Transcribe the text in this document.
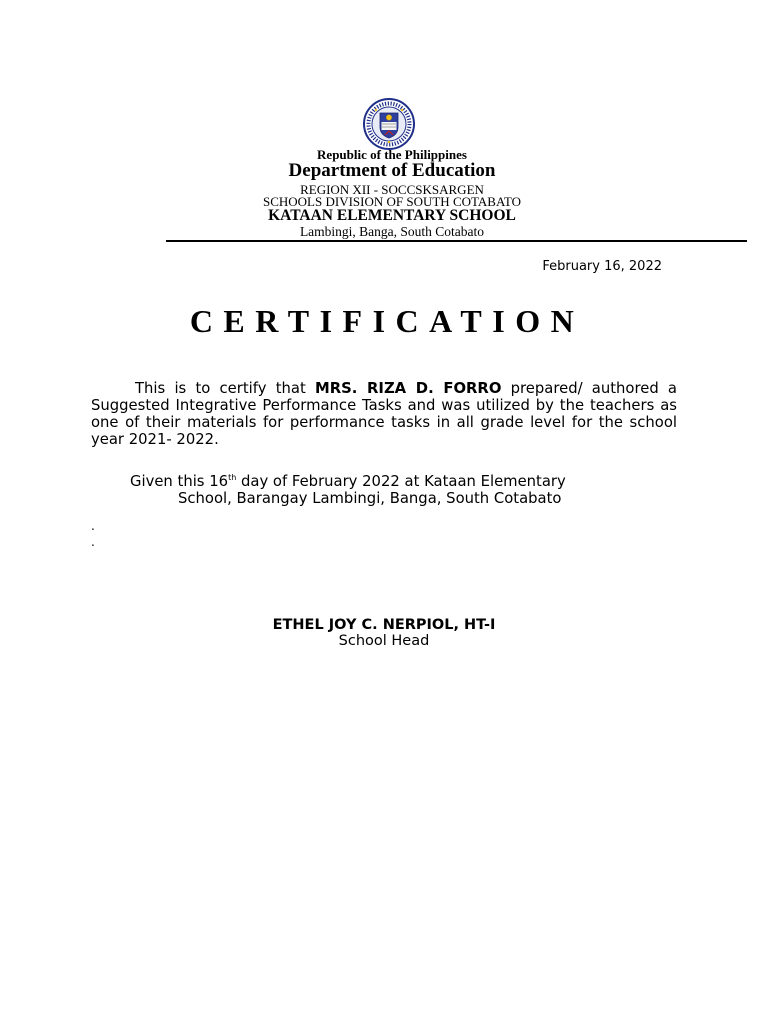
Republic of the Philippines
Department of Education
REGION XII - SOCCSKSARGEN
SCHOOLS DIVISION OF SOUTH COTABATO
KATAAN ELEMENTARY SCHOOL
Lambingi, Banga, South Cotabato
February 16, 2022
CERTIFICATION
This is to certify that MRS. RIZA D. FORRO prepared/ authored a Suggested Integrative Performance Tasks and was utilized by the teachers as one of their materials for performance tasks in all grade level for the school year 2021- 2022.
Given this 16th day of February 2022 at Kataan Elementary
School, Barangay Lambingi, Banga, South Cotabato
.
.
ETHEL JOY C. NERPIOL, HT-I
School Head
